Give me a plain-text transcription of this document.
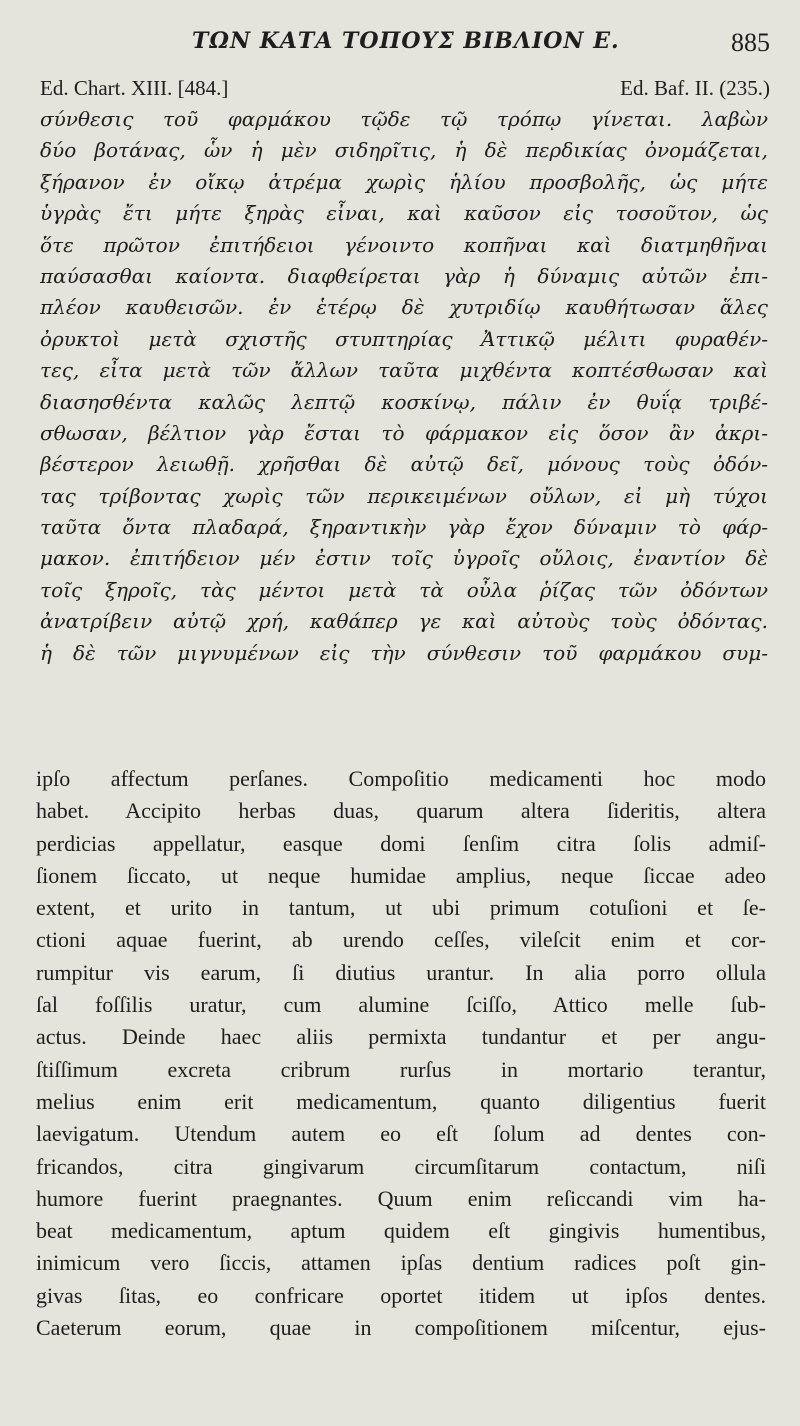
ΤΩΝ ΚΑΤΑ ΤΟΠΟΥΣ ΒΙΒΛΙΟΝ Ε.	885
Ed. Chart. XIII. [484.]	Ed. Baf. II. (235.)
σύνθεσις τοῦ φαρμάκου τῷδε τῷ τρόπῳ γίνεται. λαβὼν
δύο βοτάνας, ὧν ἡ μὲν σιδηρῖτις, ἡ δὲ περδικίας ὀνομάζεται,
ξήρανον ἐν οἴκῳ ἀτρέμα χωρὶς ἡλίου προσβολῆς, ὡς μήτε
ὑγρὰς ἔτι μήτε ξηρὰς εἶναι, καὶ καῦσον εἰς τοσοῦτον, ὡς
ὅτε πρῶτον ἐπιτήδειοι γένοιντο κοπῆναι καὶ διατμηθῆναι
παύσασθαι καίοντα. διαφθείρεται γὰρ ἡ δύναμις αὐτῶν ἐπι-
πλέον καυθεισῶν. ἐν ἑτέρῳ δὲ χυτριδίῳ καυθήτωσαν ἅλες
ὀρυκτοὶ μετὰ σχιστῆς στυπτηρίας Ἀττικῷ μέλιτι φυραθέν-
τες, εἶτα μετὰ τῶν ἄλλων ταῦτα μιχθέντα κοπτέσθωσαν καὶ
διασησθέντα καλῶς λεπτῷ κοσκίνῳ, πάλιν ἐν θυΐᾳ τριβέ-
σθωσαν, βέλτιον γὰρ ἔσται τὸ φάρμακον εἰς ὅσον ἂν ἀκρι-
βέστερον λειωθῇ. χρῆσθαι δὲ αὐτῷ δεῖ, μόνους τοὺς ὀδόν-
τας τρίβοντας χωρὶς τῶν περικειμένων οὔλων, εἰ μὴ τύχοι
ταῦτα ὄντα πλαδαρά, ξηραντικὴν γὰρ ἔχον δύναμιν τὸ φάρ-
μακον. ἐπιτήδειον μέν ἐστιν τοῖς ὑγροῖς οὔλοις, ἐναντίον δὲ
τοῖς ξηροῖς, τὰς μέντοι μετὰ τὰ οὖλα ῥίζας τῶν ὀδόντων
ἀνατρίβειν αὐτῷ χρή, καθάπερ γε καὶ αὐτοὺς τοὺς ὀδόντας.
ἡ δὲ τῶν μιγνυμένων εἰς τὴν σύνθεσιν τοῦ φαρμάκου συμ-
ipſo affectum perſanes. Compoſitio medicamenti hoc modo
habet. Accipito herbas duas, quarum altera ſideritis, altera
perdicias appellatur, easque domi ſenſim citra ſolis admiſ-
ſionem ſiccato, ut neque humidae amplius, neque ſiccae adeo
extent, et urito in tantum, ut ubi primum cotuſioni et ſe-
ctioni aquae fuerint, ab urendo ceſſes, vileſcit enim et cor-
rumpitur vis earum, ſi diutius urantur. In alia porro ollula
ſal foſſilis uratur, cum alumine ſciſſo, Attico melle ſub-
actus. Deinde haec aliis permixta tundantur et per angu-
ſtiſſimum excreta cribrum rurſus in mortario terantur,
melius enim erit medicamentum, quanto diligentius fuerit
laevigatum. Utendum autem eo eſt ſolum ad dentes con-
fricandos, citra gingivarum circumſitarum contactum, niſi
humore fuerint praegnantes. Quum enim reſiccandi vim ha-
beat medicamentum, aptum quidem eſt gingivis humentibus,
inimicum vero ſiccis, attamen ipſas dentium radices poſt gin-
givas ſitas, eo confricare oportet itidem ut ipſos dentes.
Caeterum eorum, quae in compoſitionem miſcentur, ejus-
